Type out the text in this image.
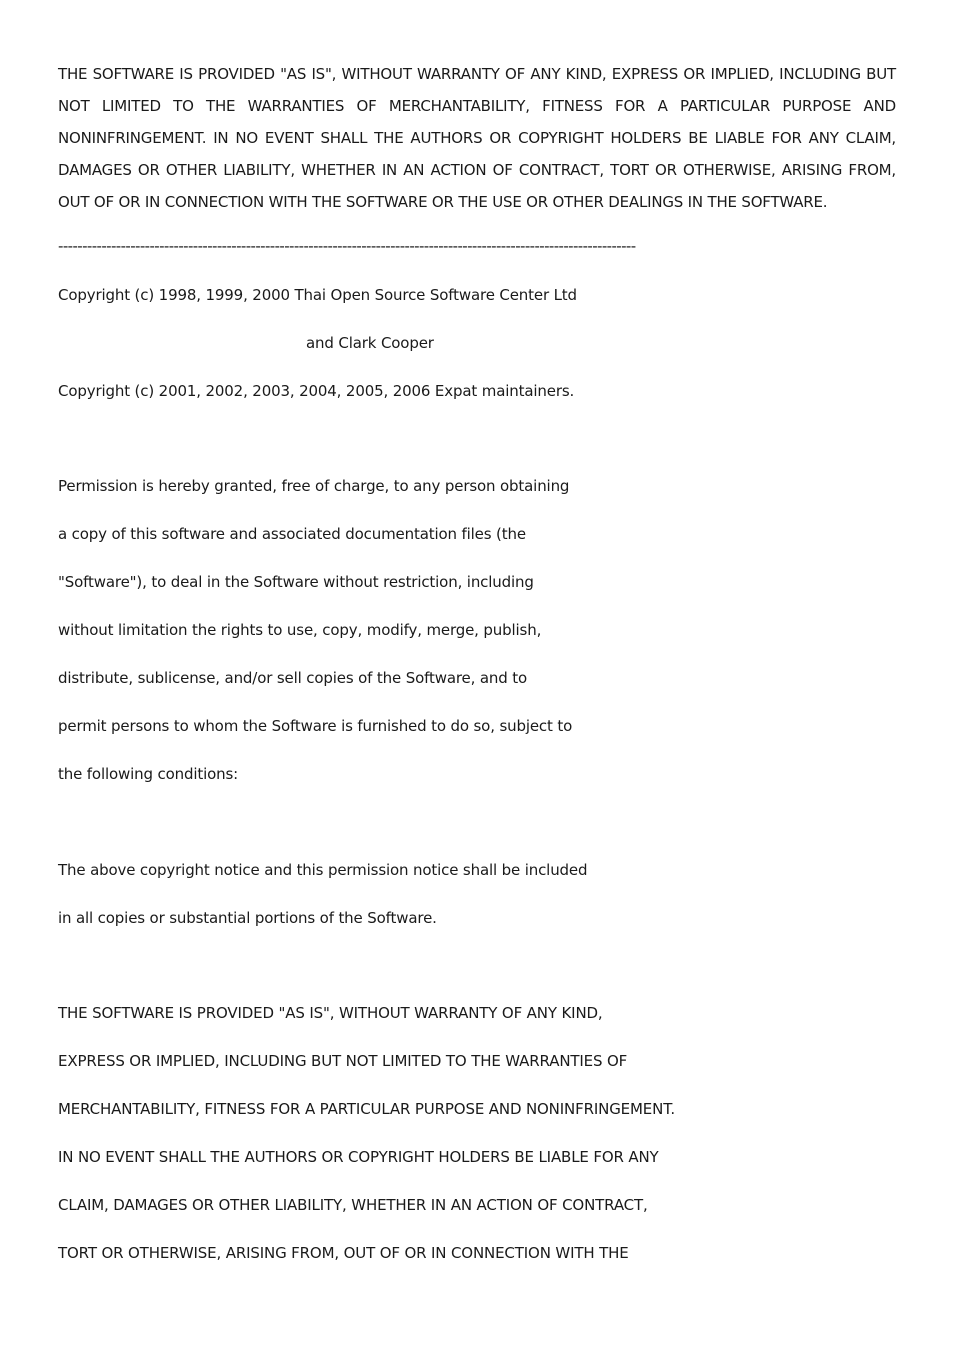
THE SOFTWARE IS PROVIDED "AS IS", WITHOUT WARRANTY OF ANY KIND, EXPRESS OR IMPLIED, INCLUDING BUT NOT LIMITED TO THE WARRANTIES OF MERCHANTABILITY, FITNESS FOR A PARTICULAR PURPOSE AND NONINFRINGEMENT. IN NO EVENT SHALL THE AUTHORS OR COPYRIGHT HOLDERS BE LIABLE FOR ANY CLAIM, DAMAGES OR OTHER LIABILITY, WHETHER IN AN ACTION OF CONTRACT, TORT OR OTHERWISE, ARISING FROM, OUT OF OR IN CONNECTION WITH THE SOFTWARE OR THE USE OR OTHER DEALINGS IN THE SOFTWARE.

------------------------------------------------------------------------------------------------------------------------
Copyright (c) 1998, 1999, 2000 Thai Open Source Software Center Ltd
and Clark Cooper
Copyright (c) 2001, 2002, 2003, 2004, 2005, 2006 Expat maintainers.
Permission is hereby granted, free of charge, to any person obtaining
a copy of this software and associated documentation files (the
"Software"), to deal in the Software without restriction, including
without limitation the rights to use, copy, modify, merge, publish,
distribute, sublicense, and/or sell copies of the Software, and to
permit persons to whom the Software is furnished to do so, subject to
the following conditions:
The above copyright notice and this permission notice shall be included
in all copies or substantial portions of the Software.
THE SOFTWARE IS PROVIDED "AS IS", WITHOUT WARRANTY OF ANY KIND,
EXPRESS OR IMPLIED, INCLUDING BUT NOT LIMITED TO THE WARRANTIES OF
MERCHANTABILITY, FITNESS FOR A PARTICULAR PURPOSE AND NONINFRINGEMENT.
IN NO EVENT SHALL THE AUTHORS OR COPYRIGHT HOLDERS BE LIABLE FOR ANY
CLAIM, DAMAGES OR OTHER LIABILITY, WHETHER IN AN ACTION OF CONTRACT,
TORT OR OTHERWISE, ARISING FROM, OUT OF OR IN CONNECTION WITH THE
